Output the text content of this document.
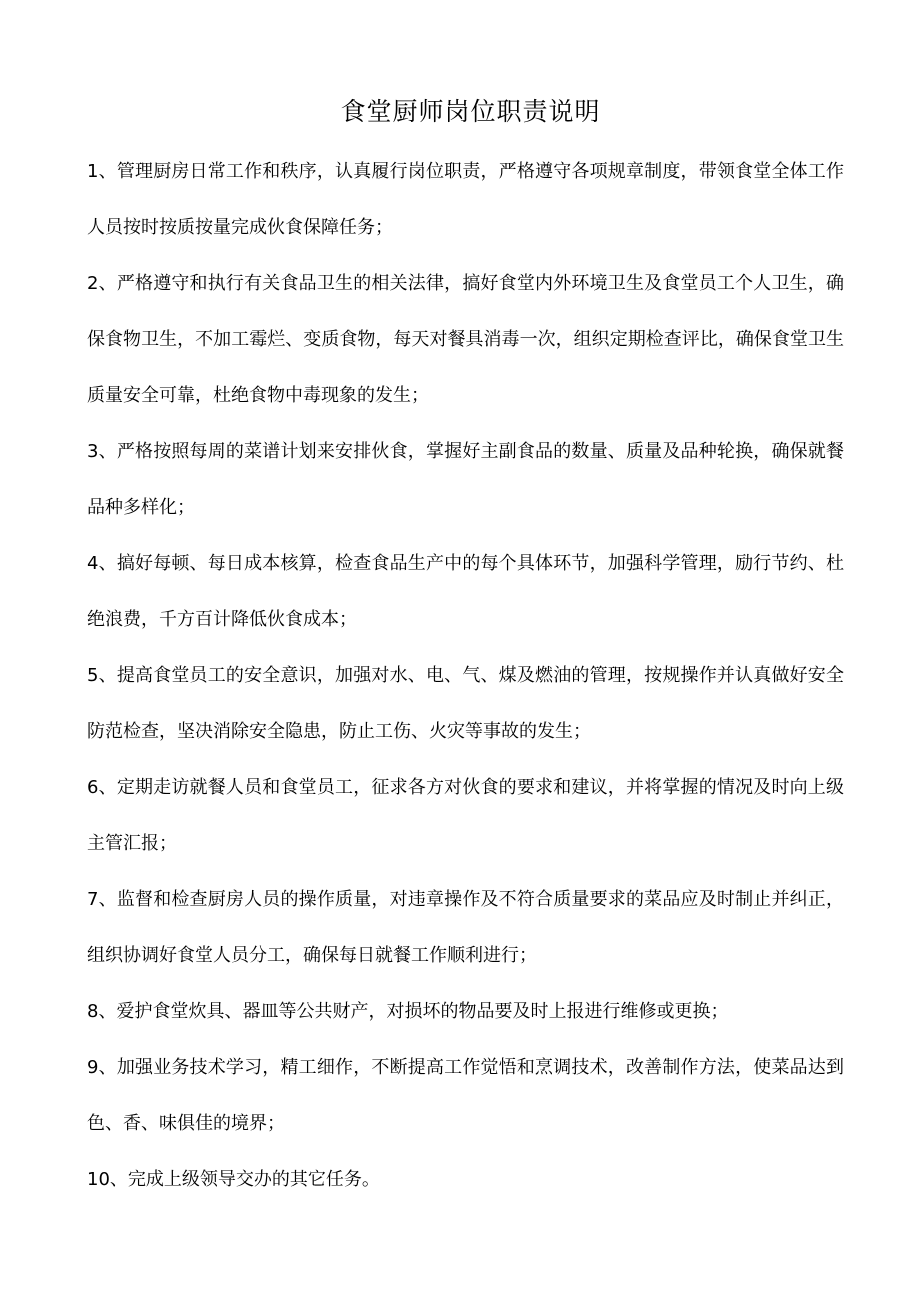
食堂厨师岗位职责说明
1、管理厨房日常工作和秩序，认真履行岗位职责，严格遵守各项规章制度，带领食堂全体工作人员按时按质按量完成伙食保障任务；
2、严格遵守和执行有关食品卫生的相关法律，搞好食堂内外环境卫生及食堂员工个人卫生，确保食物卫生，不加工霉烂、变质食物，每天对餐具消毒一次，组织定期检查评比，确保食堂卫生质量安全可靠，杜绝食物中毒现象的发生；
3、严格按照每周的菜谱计划来安排伙食，掌握好主副食品的数量、质量及品种轮换，确保就餐品种多样化；
4、搞好每顿、每日成本核算，检查食品生产中的每个具体环节，加强科学管理，励行节约、杜绝浪费，千方百计降低伙食成本；
5、提高食堂员工的安全意识，加强对水、电、气、煤及燃油的管理，按规操作并认真做好安全防范检查，坚决消除安全隐患，防止工伤、火灾等事故的发生；
6、定期走访就餐人员和食堂员工，征求各方对伙食的要求和建议，并将掌握的情况及时向上级主管汇报；
7、监督和检查厨房人员的操作质量，对违章操作及不符合质量要求的菜品应及时制止并纠正，组织协调好食堂人员分工，确保每日就餐工作顺利进行；
8、爱护食堂炊具、器皿等公共财产，对损坏的物品要及时上报进行维修或更换；
9、加强业务技术学习，精工细作，不断提高工作觉悟和烹调技术，改善制作方法，使菜品达到色、香、味俱佳的境界；
10、完成上级领导交办的其它任务。
